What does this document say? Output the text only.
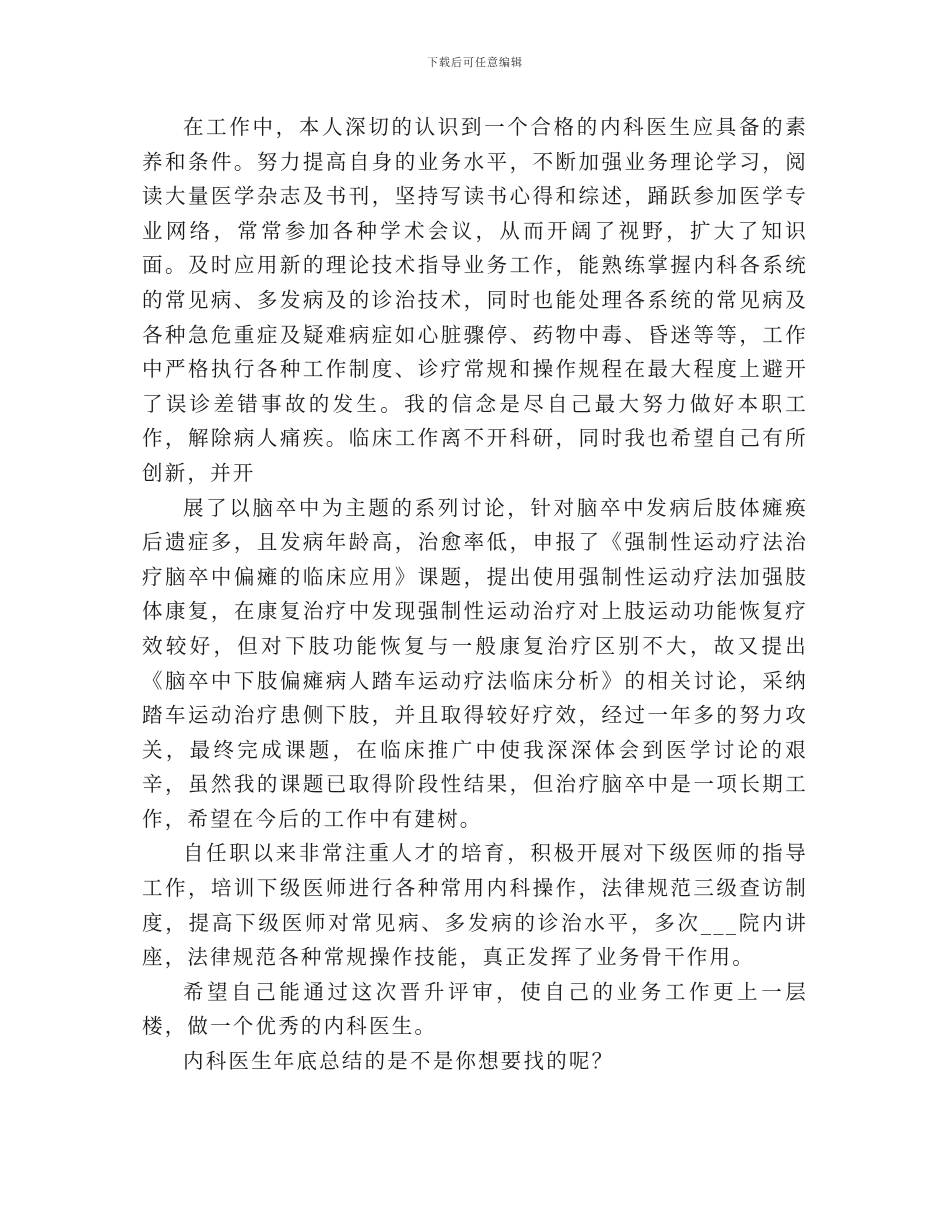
下载后可任意编辑

在工作中，本人深切的认识到一个合格的内科医生应具备的素养和条件。努力提高自身的业务水平，不断加强业务理论学习，阅读大量医学杂志及书刊，坚持写读书心得和综述，踊跃参加医学专业网络，常常参加各种学术会议，从而开阔了视野，扩大了知识面。及时应用新的理论技术指导业务工作，能熟练掌握内科各系统的常见病、多发病及的诊治技术，同时也能处理各系统的常见病及各种急危重症及疑难病症如心脏骤停、药物中毒、昏迷等等，工作中严格执行各种工作制度、诊疗常规和操作规程在最大程度上避开了误诊差错事故的发生。我的信念是尽自己最大努力做好本职工作，解除病人痛疾。临床工作离不开科研，同时我也希望自己有所创新，并开

展了以脑卒中为主题的系列讨论，针对脑卒中发病后肢体瘫痪后遗症多，且发病年龄高，治愈率低，申报了《强制性运动疗法治疗脑卒中偏瘫的临床应用》课题，提出使用强制性运动疗法加强肢体康复，在康复治疗中发现强制性运动治疗对上肢运动功能恢复疗效较好，但对下肢功能恢复与一般康复治疗区别不大，故又提出《脑卒中下肢偏瘫病人踏车运动疗法临床分析》的相关讨论，采纳踏车运动治疗患侧下肢，并且取得较好疗效，经过一年多的努力攻关，最终完成课题，在临床推广中使我深深体会到医学讨论的艰辛，虽然我的课题已取得阶段性结果，但治疗脑卒中是一项长期工作，希望在今后的工作中有建树。

自任职以来非常注重人才的培育，积极开展对下级医师的指导工作，培训下级医师进行各种常用内科操作，法律规范三级查访制度，提高下级医师对常见病、多发病的诊治水平，多次___院内讲座，法律规范各种常规操作技能，真正发挥了业务骨干作用。

希望自己能通过这次晋升评审，使自己的业务工作更上一层楼，做一个优秀的内科医生。

内科医生年底总结的是不是你想要找的呢？
